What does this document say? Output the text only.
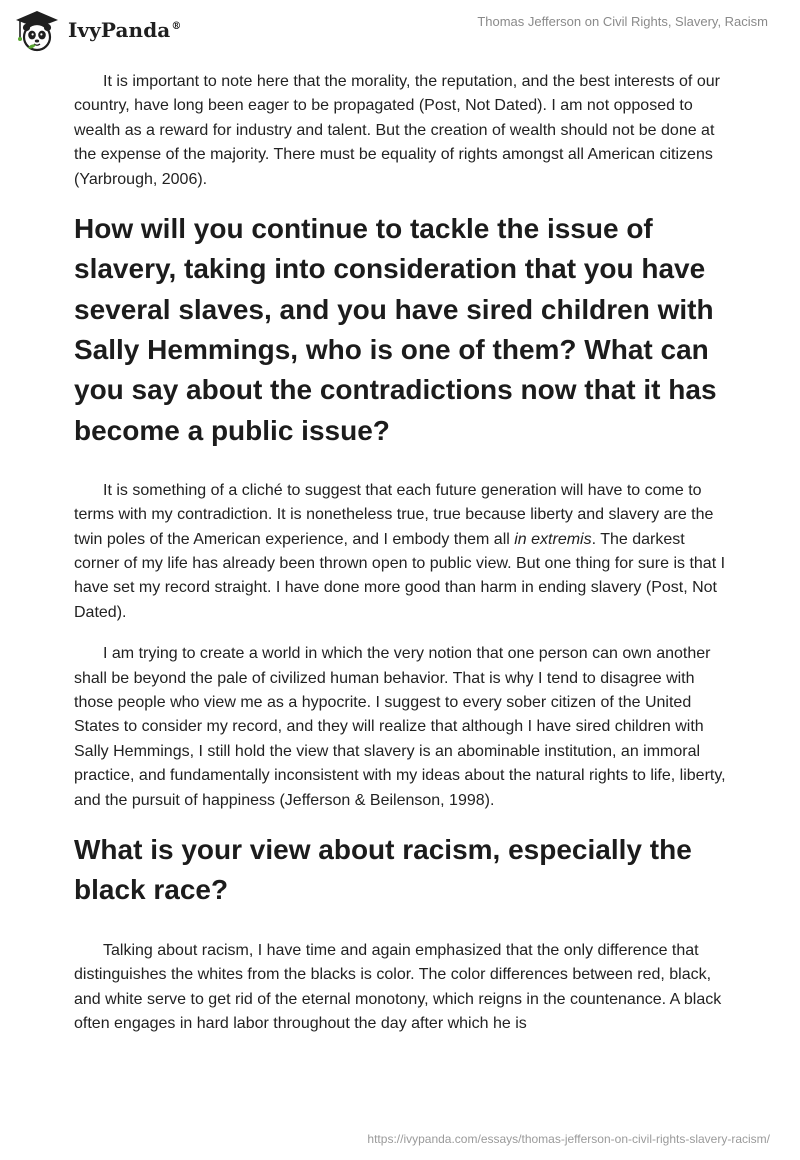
IvyPanda®	Thomas Jefferson on Civil Rights, Slavery, Racism

It is important to note here that the morality, the reputation, and the best interests of our country, have long been eager to be propagated (Post, Not Dated). I am not opposed to wealth as a reward for industry and talent. But the creation of wealth should not be done at the expense of the majority. There must be equality of rights amongst all American citizens (Yarbrough, 2006).

How will you continue to tackle the issue of slavery, taking into consideration that you have several slaves, and you have sired children with Sally Hemmings, who is one of them? What can you say about the contradictions now that it has become a public issue?

It is something of a cliché to suggest that each future generation will have to come to terms with my contradiction. It is nonetheless true, true because liberty and slavery are the twin poles of the American experience, and I embody them all in extremis. The darkest corner of my life has already been thrown open to public view. But one thing for sure is that I have set my record straight. I have done more good than harm in ending slavery (Post, Not Dated).

I am trying to create a world in which the very notion that one person can own another shall be beyond the pale of civilized human behavior. That is why I tend to disagree with those people who view me as a hypocrite. I suggest to every sober citizen of the United States to consider my record, and they will realize that although I have sired children with Sally Hemmings, I still hold the view that slavery is an abominable institution, an immoral practice, and fundamentally inconsistent with my ideas about the natural rights to life, liberty, and the pursuit of happiness (Jefferson & Beilenson, 1998).

What is your view about racism, especially the black race?

Talking about racism, I have time and again emphasized that the only difference that distinguishes the whites from the blacks is color. The color differences between red, black, and white serve to get rid of the eternal monotony, which reigns in the countenance. A black often engages in hard labor throughout the day after which he is

https://ivypanda.com/essays/thomas-jefferson-on-civil-rights-slavery-racism/
